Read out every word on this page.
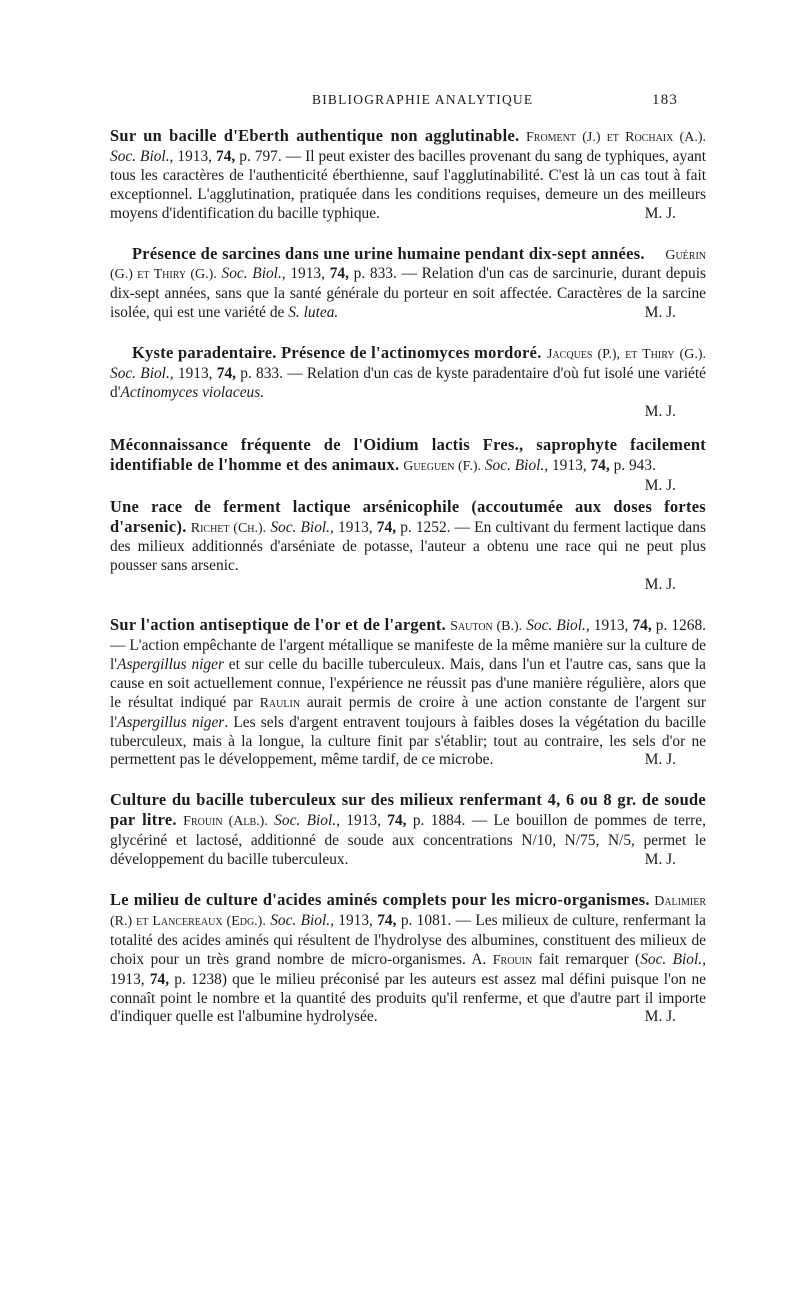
BIBLIOGRAPHIE ANALYTIQUE	183

Sur un bacille d'Eberth authentique non agglutinable. Froment (J.) et Rochaix (A.). Soc. Biol., 1913, 74, p. 797. — Il peut exister des bacilles provenant du sang de typhiques, ayant tous les caractères de l'authenticité éberthienne, sauf l'agglutinabilité. C'est là un cas tout à fait exceptionnel. L'agglutination, pratiquée dans les conditions requises, demeure un des meilleurs moyens d'identification du bacille typhique.	M. J.
Présence de sarcines dans une urine humaine pendant dix-sept années. Guérin (G.) et Thiry (G.). Soc. Biol., 1913, 74, p. 833. — Relation d'un cas de sarcinurie, durant depuis dix-sept années, sans que la santé générale du porteur en soit affectée. Caractères de la sarcine isolée, qui est une variété de S. lutea.	M. J.
Kyste paradentaire. Présence de l'actinomyces mordoré. Jacques (P.), et Thiry (G.). Soc. Biol., 1913, 74, p. 833. — Relation d'un cas de kyste paradentaire d'où fut isolé une variété d'Actinomyces violaceus.
M. J.
Méconnaissance fréquente de l'Oidium lactis Fres., saprophyte facilement identifiable de l'homme et des animaux. Gueguen (F.). Soc. Biol., 1913, 74, p. 943.
M. J.
Une race de ferment lactique arsénicophile (accoutumée aux doses fortes d'arsenic). Richet (Ch.). Soc. Biol., 1913, 74, p. 1252. — En cultivant du ferment lactique dans des milieux additionnés d'arséniate de potasse, l'auteur a obtenu une race qui ne peut plus pousser sans arsenic.
M. J.
Sur l'action antiseptique de l'or et de l'argent. Sauton (B.). Soc. Biol., 1913, 74, p. 1268. — L'action empêchante de l'argent métallique se manifeste de la même manière sur la culture de l'Aspergillus niger et sur celle du bacille tuberculeux. Mais, dans l'un et l'autre cas, sans que la cause en soit actuellement connue, l'expérience ne réussit pas d'une manière régulière, alors que le résultat indiqué par Raulin aurait permis de croire à une action constante de l'argent sur l'Aspergillus niger. Les sels d'argent entravent toujours à faibles doses la végétation du bacille tuberculeux, mais à la longue, la culture finit par s'établir; tout au contraire, les sels d'or ne permettent pas le développement, même tardif, de ce microbe.	M. J.
Culture du bacille tuberculeux sur des milieux renfermant 4, 6 ou 8 gr. de soude par litre. Frouin (Alb.). Soc. Biol., 1913, 74, p. 1884. — Le bouillon de pommes de terre, glycériné et lactosé, additionné de soude aux concentrations N/10, N/75, N/5, permet le développement du bacille tuberculeux.	M. J.
Le milieu de culture d'acides aminés complets pour les micro-organismes. Dalimier (R.) et Lancereaux (Edg.). Soc. Biol., 1913, 74, p. 1081. — Les milieux de culture, renfermant la totalité des acides aminés qui résultent de l'hydrolyse des albumines, constituent des milieux de choix pour un très grand nombre de micro-organismes. A. Frouin fait remarquer (Soc. Biol., 1913, 74, p. 1238) que le milieu préconisé par les auteurs est assez mal défini puisque l'on ne connaît point le nombre et la quantité des produits qu'il renferme, et que d'autre part il importe d'indiquer quelle est l'albumine hydrolysée.	M. J.
